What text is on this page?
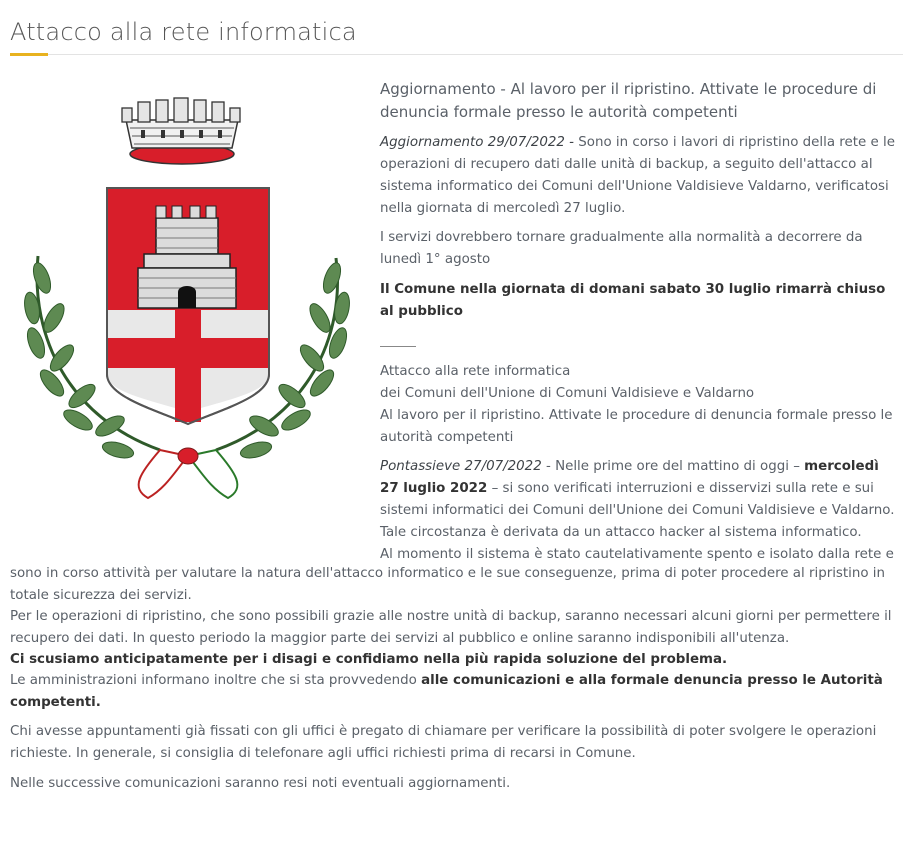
Attacco alla rete informatica
Aggiornamento - Al lavoro per il ripristino. Attivate le procedure di denuncia formale presso le autorità competenti

Aggiornamento 29/07/2022 - Sono in corso i lavori di ripristino della rete e le operazioni di recupero dati dalle unità di backup, a seguito dell'attacco al sistema informatico dei Comuni dell'Unione Valdisieve Valdarno, verificatosi nella giornata di mercoledì 27 luglio.

I servizi dovrebbero tornare gradualmente alla normalità a decorrere da lunedì 1° agosto
Il Comune nella giornata di domani sabato 30 luglio rimarrà chiuso al pubblico

Attacco alla rete informatica

dei Comuni dell'Unione di Comuni Valdisieve e Valdarno

Al lavoro per il ripristino. Attivate le procedure di denuncia formale presso le autorità competenti

Pontassieve 27/07/2022 - Nelle prime ore del mattino di oggi – mercoledì 27 luglio 2022 – si sono verificati interruzioni e disservizi sulla rete e sui sistemi informatici dei Comuni dell'Unione dei Comuni Valdisieve e Valdarno. Tale circostanza è derivata da un attacco hacker al sistema informatico.

Al momento il sistema è stato cautelativamente spento e isolato dalla rete e

sono in corso attività per valutare la natura dell'attacco informatico e le sue conseguenze, prima di poter procedere al ripristino in totale sicurezza dei servizi.
Per le operazioni di ripristino, che sono possibili grazie alle nostre unità di backup, saranno necessari alcuni giorni per permettere il recupero dei dati. In questo periodo la maggior parte dei servizi al pubblico e online saranno indisponibili all'utenza.
Ci scusiamo anticipatamente per i disagi e confidiamo nella più rapida soluzione del problema.

Le amministrazioni informano inoltre che si sta provvedendo alle comunicazioni e alla formale denuncia presso le Autorità competenti.

Chi avesse appuntamenti già fissati con gli uffici è pregato di chiamare per verificare la possibilità di poter svolgere le operazioni richieste. In generale, si consiglia di telefonare agli uffici richiesti prima di recarsi in Comune.
Nelle successive comunicazioni saranno resi noti eventuali aggiornamenti.
